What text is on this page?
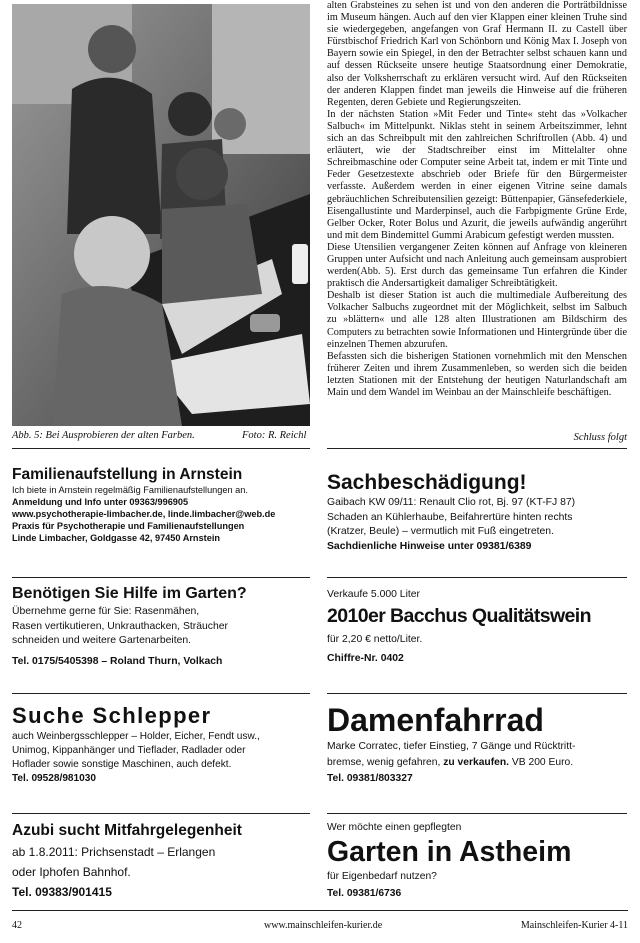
Abb. 5: Bei Ausprobieren der alten Farben.	Foto: R. Reichl

alten Grabsteines zu sehen ist und von den anderen die Porträtbildnisse im Museum hängen. Auch auf den vier Klappen einer kleinen Truhe sind sie wiedergegeben, angefangen von Graf Hermann II. zu Castell über Fürstbischof Friedrich Karl von Schönborn und König Max I. Joseph von Bayern sowie ein Spiegel, in den der Betrachter selbst schauen kann und auf dessen Rückseite unsere heutige Staatsordnung einer Demokratie, also der Volksherrschaft zu erklären versucht wird. Auf den Rückseiten der anderen Klappen findet man jeweils die Hinweise auf die früheren Regenten, deren Gebiete und Regierungszeiten.

In der nächsten Station »Mit Feder und Tinte« steht das »Volkacher Salbuch« im Mittelpunkt. Niklas steht in seinem Arbeitszimmer, lehnt sich an das Schreibpult mit den zahlreichen Schriftrollen (Abb. 4) und erläutert, wie der Stadtschreiber einst im Mittelalter ohne Schreibmaschine oder Computer seine Arbeit tat, indem er mit Tinte und Feder Gesetzestexte abschrieb oder Briefe für den Bürgermeister verfasste. Außerdem werden in einer eigenen Vitrine seine damals gebräuchlichen Schreibutensilien gezeigt: Büttenpapier, Gänsefederkiele, Eisengallustinte und Marderpinsel, auch die Farbpigmente Grüne Erde, Gelber Ocker, Roter Bolus und Azurit, die jeweils aufwändig angerührt und mit dem Bindemittel Gummi Arabicum gefestigt werden mussten.

Diese Utensilien vergangener Zeiten können auf Anfrage von kleineren Gruppen unter Aufsicht und nach Anleitung auch gemeinsam ausprobiert werden(Abb. 5). Erst durch das gemeinsame Tun erfahren die Kinder praktisch die Andersartigkeit damaliger Schreibtätigkeit.

Deshalb ist dieser Station ist auch die multimediale Aufbereitung des Volkacher Salbuchs zugeordnet mit der Möglichkeit, selbst im Salbuch zu »blättern« und alle 128 alten Illustrationen am Bildschirm des Computers zu betrachten sowie Informationen und Hintergründe über die einzelnen Themen abzurufen.

Befassten sich die bisherigen Stationen vornehmlich mit den Menschen früherer Zeiten und ihrem Zusammenleben, so werden sich die beiden letzten Stationen mit der Entstehung der heutigen Naturlandschaft am Main und dem Wandel im Weinbau an der Mainschleife beschäftigen.

Schluss folgt
Familienaufstellung in Arnstein
Ich biete in Arnstein regelmäßig Familienaufstellungen an.
Anmeldung und Info unter 09363/996905
www.psychotherapie-limbacher.de, linde.limbacher@web.de
Praxis für Psychotherapie und Familienaufstellungen
Linde Limbacher, Goldgasse 42, 97450 Arnstein
Sachbeschädigung!
Gaibach KW 09/11: Renault Clio rot, Bj. 97 (KT-FJ 87)
Schaden an Kühlerhaube, Beifahrertüre hinten rechts
(Kratzer, Beule) – vermutlich mit Fuß eingetreten.
Sachdienliche Hinweise unter 09381/6389
Benötigen Sie Hilfe im Garten?
Übernehme gerne für Sie: Rasenmähen,
Rasen vertikutieren, Unkrauthacken, Sträucher
schneiden und weitere Gartenarbeiten.
Tel. 0175/5405398 – Roland Thurn, Volkach
Verkaufe 5.000 Liter
2010er Bacchus Qualitätswein
für 2,20 € netto/Liter.
Chiffre-Nr. 0402
Suche Schlepper
auch Weinbergsschlepper – Holder, Eicher, Fendt usw.,
Unimog, Kippanhänger und Tieflader, Radlader oder
Hoflader sowie sonstige Maschinen, auch defekt.
Tel. 09528/981030
Damenfahrrad
Marke Corratec, tiefer Einstieg, 7 Gänge und Rücktritt-
bremse, wenig gefahren, zu verkaufen. VB 200 Euro.
Tel. 09381/803327
Azubi sucht Mitfahrgelegenheit
ab 1.8.2011: Prichsenstadt – Erlangen
oder Iphofen Bahnhof.
Tel. 09383/901415
Wer möchte einen gepflegten
Garten in Astheim
für Eigenbedarf nutzen?
Tel. 09381/6736
42	www.mainschleifen-kurier.de	Mainschleifen-Kurier 4-11
